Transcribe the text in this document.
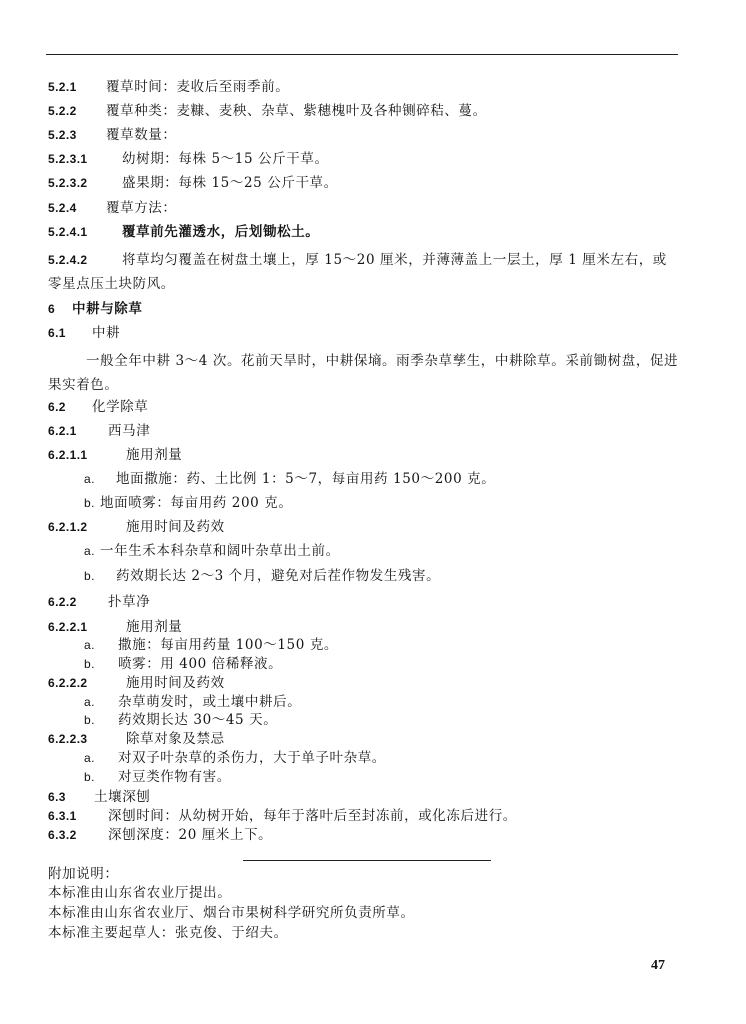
5.2.1 覆草时间：麦收后至雨季前。
5.2.2 覆草种类：麦糠、麦秧、杂草、紫穗槐叶及各种铡碎秸、蔓。
5.2.3 覆草数量：
5.2.3.1	幼树期：每株 5～15 公斤干草。
5.2.3.2	盛果期：每株 15～25 公斤干草。
5.2.4 覆草方法：
5.2.4.1	覆草前先灌透水，后划锄松土。
5.2.4.2	将草均匀覆盖在树盘土壤上，厚 15～20 厘米，并薄薄盖上一层土，厚 1 厘米左右，或零星点压土块防风。
6 中耕与除草
6.1 中耕
一般全年中耕 3～4 次。花前天旱时，中耕保墒。雨季杂草孳生，中耕除草。采前锄树盘，促进果实着色。
6.2 化学除草
6.2.1 西马津
6.2.1.1	施用剂量
a. 地面撒施：药、土比例 1：5～7，每亩用药 150～200 克。
b. 地面喷雾：每亩用药 200 克。
6.2.1.2	施用时间及药效
a. 一年生禾本科杂草和阔叶杂草出土前。
b. 药效期长达 2～3 个月，避免对后茬作物发生残害。
6.2.2 扑草净
6.2.2.1	施用剂量
a. 撒施：每亩用药量 100～150 克。
b. 喷雾：用 400 倍稀释液。
6.2.2.2	施用时间及药效
a. 杂草萌发时，或土壤中耕后。
b. 药效期长达 30～45 天。
6.2.2.3	除草对象及禁忌
a. 对双子叶杂草的杀伤力，大于单子叶杂草。
b. 对豆类作物有害。
6.3 土壤深刨
6.3.1 深刨时间：从幼树开始，每年于落叶后至封冻前，或化冻后进行。
6.3.2 深刨深度：20 厘米上下。
附加说明：
本标准由山东省农业厅提出。
本标准由山东省农业厅、烟台市果树科学研究所负责所草。
本标准主要起草人：张克俊、于绍夫。
47
